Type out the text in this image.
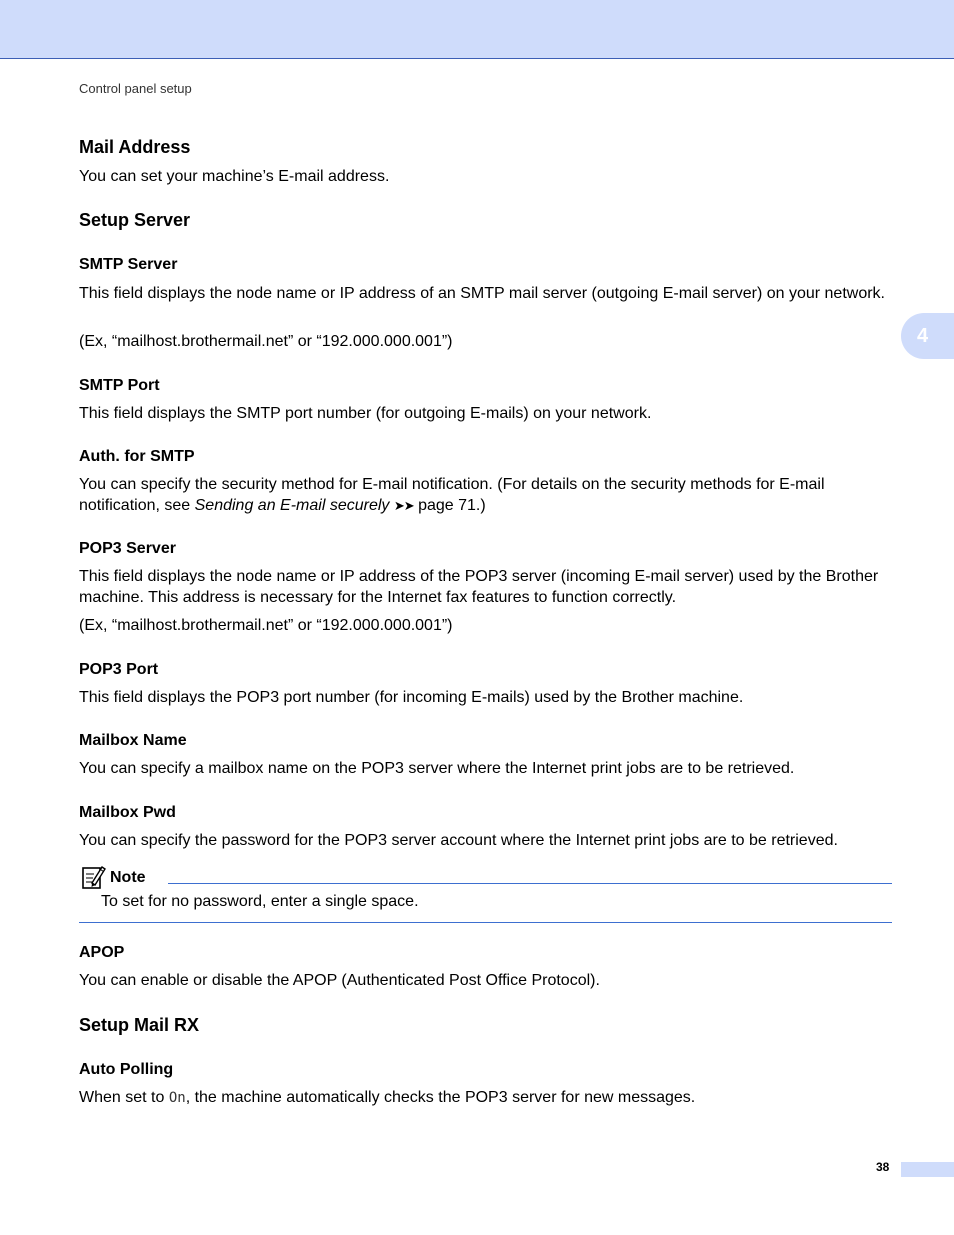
Control panel setup
4
Mail Address
You can set your machine’s E-mail address.
Setup Server
SMTP Server
This field displays the node name or IP address of an SMTP mail server (outgoing E-mail server) on your network.
(Ex, “mailhost.brothermail.net” or “192.000.000.001”)
SMTP Port
This field displays the SMTP port number (for outgoing E-mails) on your network.
Auth. for SMTP
You can specify the security method for E-mail notification. (For details on the security methods for E-mail notification, see Sending an E-mail securely ➤➤ page 71.)
POP3 Server
This field displays the node name or IP address of the POP3 server (incoming E-mail server) used by the Brother machine. This address is necessary for the Internet fax features to function correctly.
(Ex, “mailhost.brothermail.net” or “192.000.000.001”)
POP3 Port
This field displays the POP3 port number (for incoming E-mails) used by the Brother machine.
Mailbox Name
You can specify a mailbox name on the POP3 server where the Internet print jobs are to be retrieved.
Mailbox Pwd
You can specify the password for the POP3 server account where the Internet print jobs are to be retrieved.
Note
To set for no password, enter a single space.
APOP
You can enable or disable the APOP (Authenticated Post Office Protocol).
Setup Mail RX
Auto Polling
When set to On, the machine automatically checks the POP3 server for new messages.
38
